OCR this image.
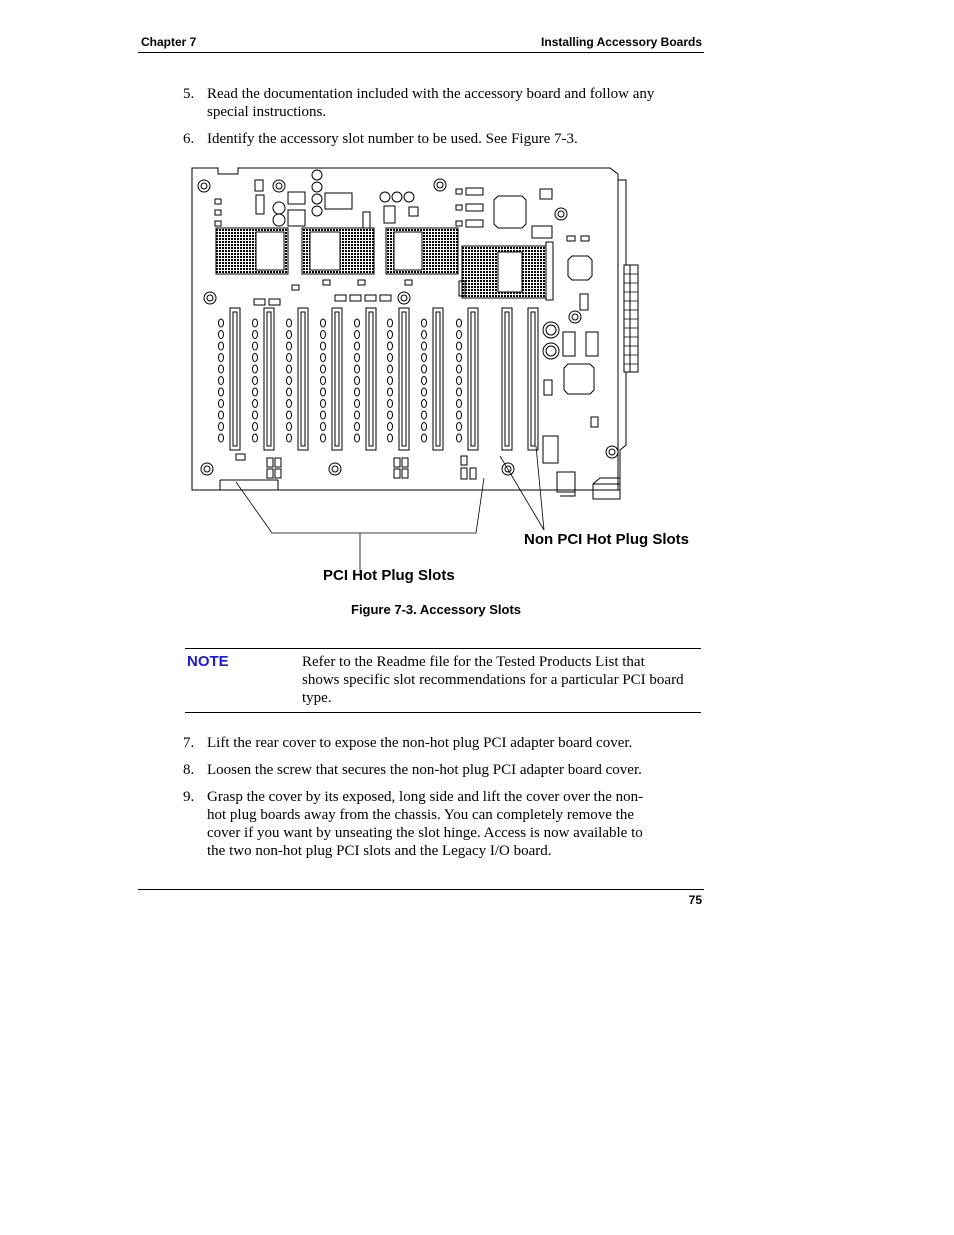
Chapter 7	Installing Accessory Boards
5. Read the documentation included with the accessory board and follow any
special instructions.
6. Identify the accessory slot number to be used. See Figure 7-3.
Non PCI Hot Plug Slots
PCI Hot Plug Slots
Figure 7-3. Accessory Slots
NOTE	Refer to the Readme file for the Tested Products List that
shows specific slot recommendations for a particular PCI board
type.
7. Lift the rear cover to expose the non-hot plug PCI adapter board cover.
8. Loosen the screw that secures the non-hot plug PCI adapter board cover.
9. Grasp the cover by its exposed, long side and lift the cover over the non-
hot plug boards away from the chassis. You can completely remove the
cover if you want by unseating the slot hinge. Access is now available to
the two non-hot plug PCI slots and the Legacy I/O board.
75
